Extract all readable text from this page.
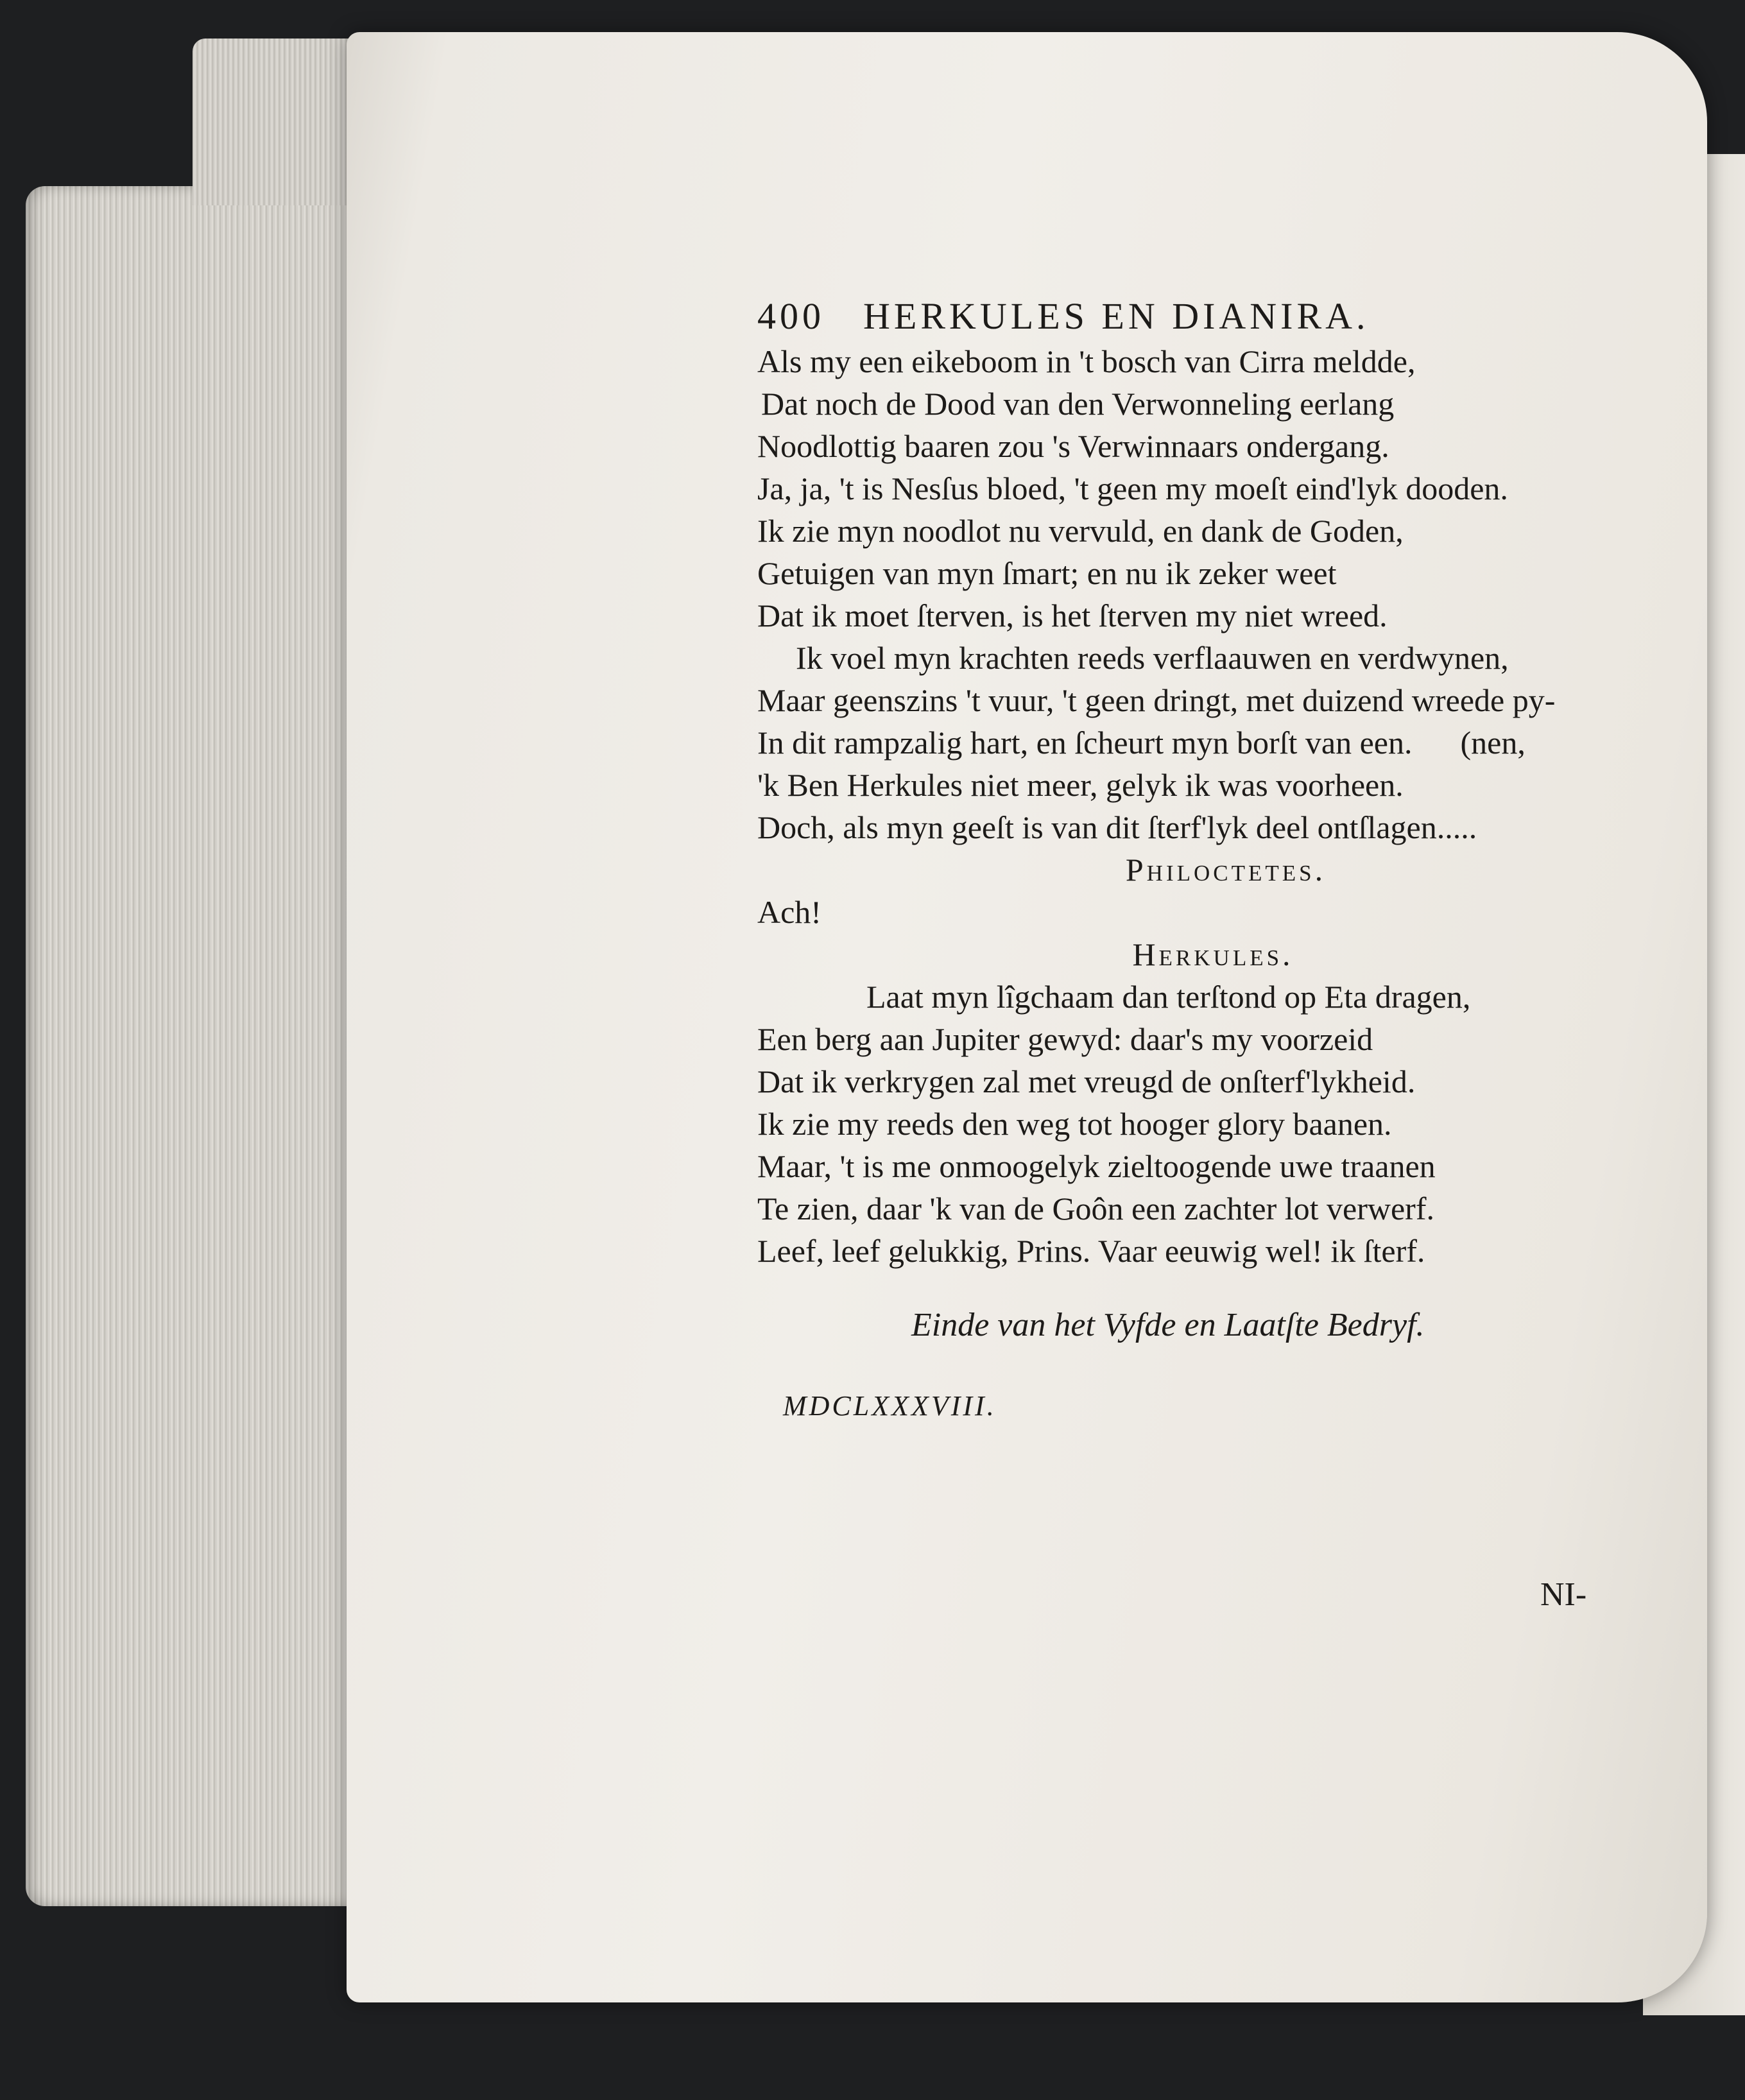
400 HERKULES EN DIANIRA.
Als my een eikeboom in 't bosch van Cirra meldde,
Dat noch de Dood van den Verwonneling eerlang
Noodlottig baaren zou 's Verwinnaars ondergang.
Ja, ja, 't is Nesſus bloed, 't geen my moeſt eind'lyk dooden.
Ik zie myn noodlot nu vervuld, en dank de Goden,
Getuigen van myn ſmart; en nu ik zeker weet
Dat ik moet ſterven, is het ſterven my niet wreed.
Ik voel myn krachten reeds verflaauwen en verdwynen,
Maar geenszins 't vuur, 't geen dringt, met duizend wreede py-
In dit rampzalig hart, en ſcheurt myn borſt van een.      (nen,
'k Ben Herkules niet meer, gelyk ik was voorheen.
Doch, als myn geeſt is van dit ſterf'lyk deel ontſlagen.....
Philoctetes.
Ach!
Herkules.
Laat myn lîgchaam dan terſtond op Eta dragen,
Een berg aan Jupiter gewyd: daar's my voorzeid
Dat ik verkrygen zal met vreugd de onſterf'lykheid.
Ik zie my reeds den weg tot hooger glory baanen.
Maar, 't is me onmoogelyk zieltoogende uwe traanen
Te zien, daar 'k van de Goôn een zachter lot verwerf.
Leef, leef gelukkig, Prins. Vaar eeuwig wel! ik ſterf.
Einde van het Vyfde en Laatſte Bedryf.
MDCLXXXVIII.
NI-
